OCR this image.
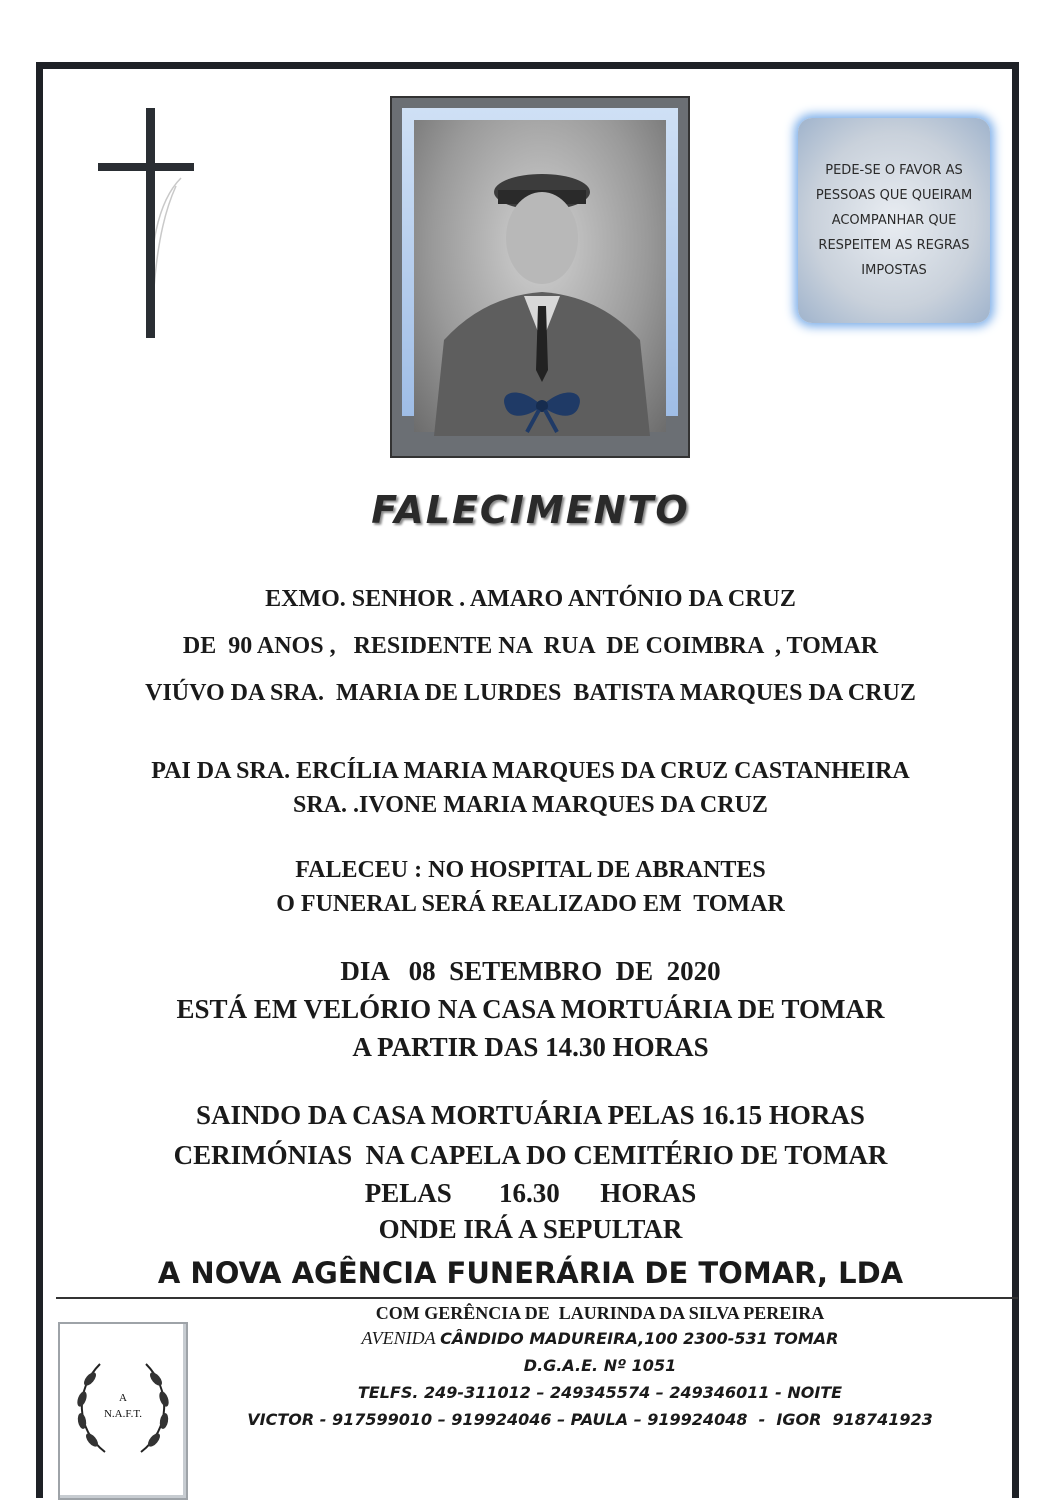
PEDE-SE O FAVOR AS PESSOAS QUE QUEIRAM ACOMPANHAR QUE RESPEITEM AS REGRAS IMPOSTAS
FALECIMENTO
EXMO. SENHOR . AMARO ANTÓNIO DA CRUZ
DE  90 ANOS ,   RESIDENTE NA  RUA  DE COIMBRA  , TOMAR
VIÚVO DA SRA.  MARIA DE LURDES  BATISTA MARQUES DA CRUZ
PAI DA SRA. ERCÍLIA MARIA MARQUES DA CRUZ CASTANHEIRA
SRA. .IVONE MARIA MARQUES DA CRUZ
FALECEU : NO HOSPITAL DE ABRANTES
O FUNERAL SERÁ REALIZADO EM  TOMAR
DIA   08  SETEMBRO  DE  2020
ESTÁ EM VELÓRIO NA CASA MORTUÁRIA DE TOMAR
A PARTIR DAS 14.30 HORAS
SAINDO DA CASA MORTUÁRIA PELAS 16.15 HORAS
CERIMÓNIAS  NA CAPELA DO CEMITÉRIO DE TOMAR
PELAS       16.30      HORAS
ONDE IRÁ A SEPULTAR
A NOVA AGÊNCIA FUNERÁRIA DE TOMAR, LDA
COM GERÊNCIA DE  LAURINDA DA SILVA PEREIRA
AVENIDA CÂNDIDO MADUREIRA,100 2300-531 TOMAR
D.G.A.E. Nº 1051
TELFS. 249-311012 – 249345574 – 249346011 - NOITE
VICTOR - 917599010 – 919924046 – PAULA – 919924048  -  IGOR  918741923
A
N.A.F.T.
